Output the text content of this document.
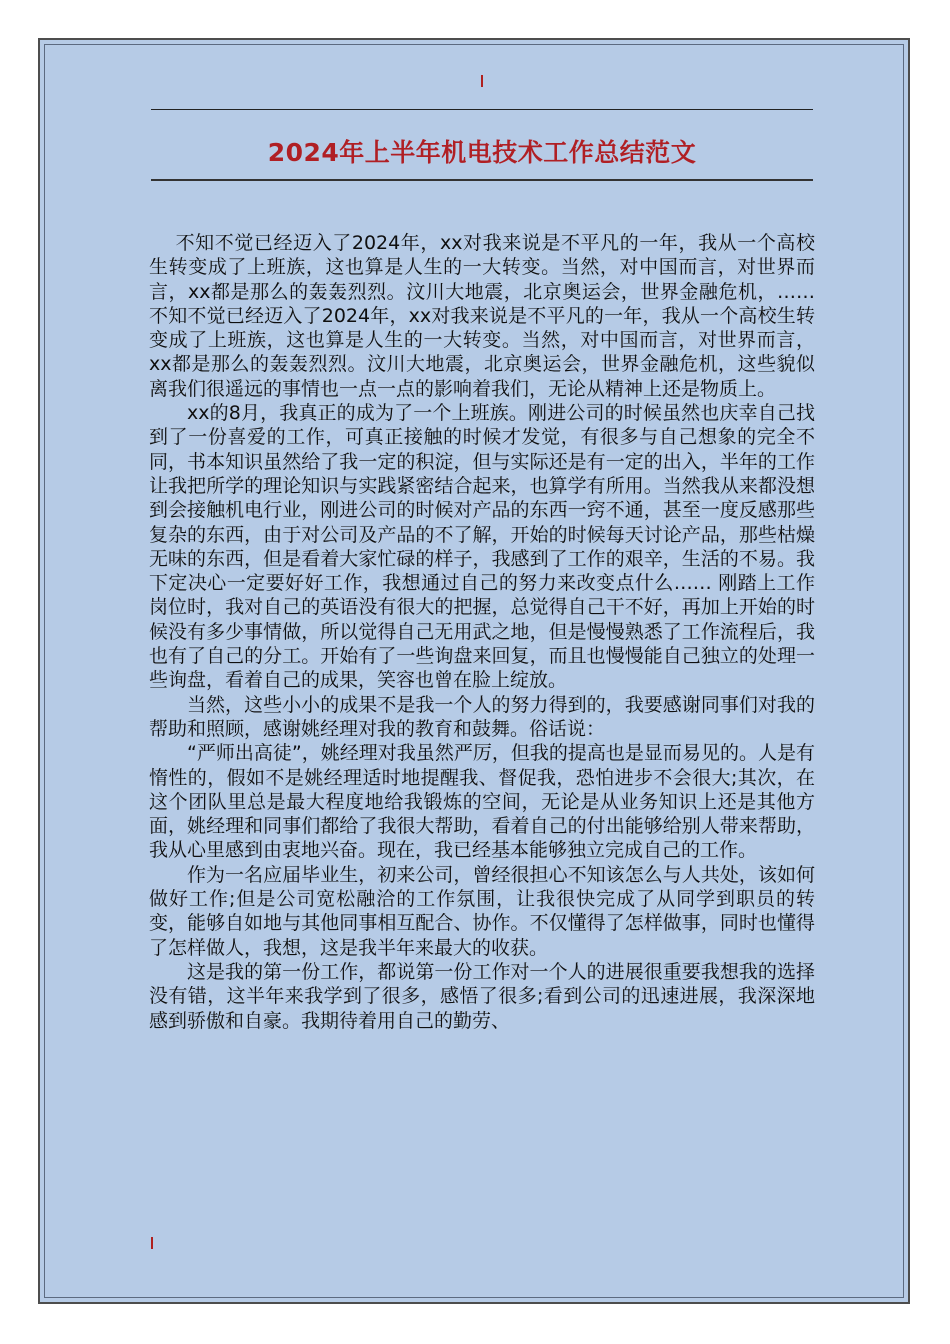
2024年上半年机电技术工作总结范文

不知不觉已经迈入了2024年，xx对我来说是不平凡的一年，我从一个高校生转变成了上班族，这也算是人生的一大转变。当然，对中国而言，对世界而言，xx都是那么的轰轰烈烈。汶川大地震，北京奥运会，世界金融危机，…… 不知不觉已经迈入了2024年，xx对我来说是不平凡的一年，我从一个高校生转变成了上班族，这也算是人生的一大转变。当然，对中国而言，对世界而言，xx都是那么的轰轰烈烈。汶川大地震，北京奥运会，世界金融危机，这些貌似离我们很遥远的事情也一点一点的影响着我们，无论从精神上还是物质上。

xx的8月，我真正的成为了一个上班族。刚进公司的时候虽然也庆幸自己找到了一份喜爱的工作，可真正接触的时候才发觉，有很多与自己想象的完全不同，书本知识虽然给了我一定的积淀，但与实际还是有一定的出入，半年的工作让我把所学的理论知识与实践紧密结合起来，也算学有所用。当然我从来都没想到会接触机电行业，刚进公司的时候对产品的东西一窍不通，甚至一度反感那些复杂的东西，由于对公司及产品的不了解，开始的时候每天讨论产品，那些枯燥无味的东西，但是看着大家忙碌的样子，我感到了工作的艰辛，生活的不易。我下定决心一定要好好工作，我想通过自己的努力来改变点什么…… 刚踏上工作岗位时，我对自己的英语没有很大的把握，总觉得自己干不好，再加上开始的时候没有多少事情做，所以觉得自己无用武之地，但是慢慢熟悉了工作流程后，我也有了自己的分工。开始有了一些询盘来回复，而且也慢慢能自己独立的处理一些询盘，看着自己的成果，笑容也曾在脸上绽放。

当然，这些小小的成果不是我一个人的努力得到的，我要感谢同事们对我的帮助和照顾，感谢姚经理对我的教育和鼓舞。俗话说：

“严师出高徒”，姚经理对我虽然严厉，但我的提高也是显而易见的。人是有惰性的，假如不是姚经理适时地提醒我、督促我，恐怕进步不会很大;其次，在这个团队里总是最大程度地给我锻炼的空间，无论是从业务知识上还是其他方面，姚经理和同事们都给了我很大帮助，看着自己的付出能够给别人带来帮助，我从心里感到由衷地兴奋。现在，我已经基本能够独立完成自己的工作。

作为一名应届毕业生，初来公司，曾经很担心不知该怎么与人共处，该如何做好工作;但是公司宽松融洽的工作氛围，让我很快完成了从同学到职员的转变，能够自如地与其他同事相互配合、协作。不仅懂得了怎样做事，同时也懂得了怎样做人，我想，这是我半年来最大的收获。

这是我的第一份工作，都说第一份工作对一个人的进展很重要我想我的选择没有错，这半年来我学到了很多，感悟了很多;看到公司的迅速进展，我深深地感到骄傲和自豪。我期待着用自己的勤劳、
